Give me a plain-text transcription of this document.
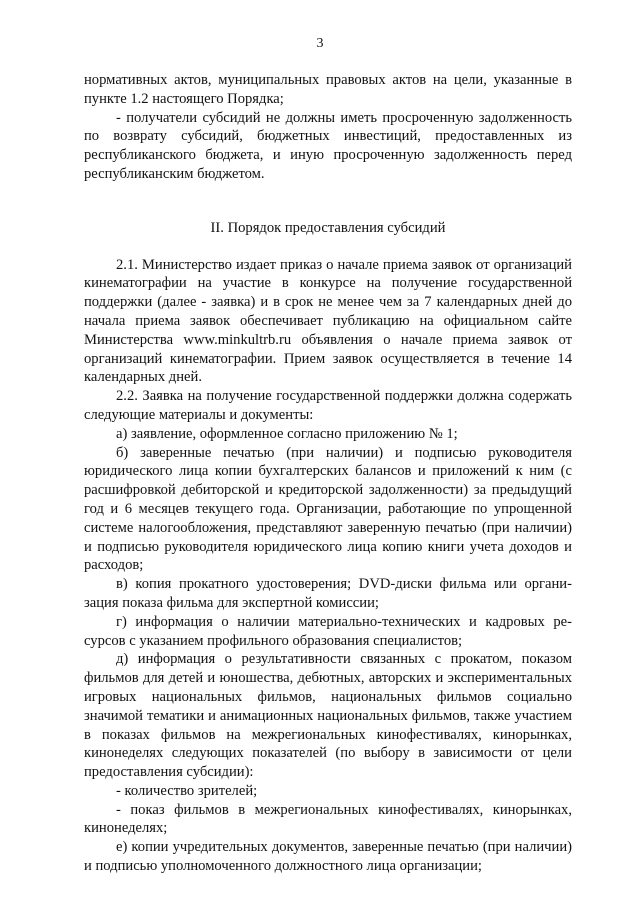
3

нормативных актов, муниципальных правовых актов на цели, указанные в пункте 1.2 настоящего Порядка;

- получатели субсидий не должны иметь просроченную задолженность по возврату субсидий, бюджетных инвестиций, предоставленных из республиканского бюджета, и иную просроченную задолженность перед республиканским бюджетом.

II. Порядок предоставления субсидий

2.1. Министерство издает приказ о начале приема заявок от организаций кинематографии на участие в конкурсе на получение государственной поддержки (далее - заявка) и в срок не менее чем за 7 календарных дней до начала приема заявок обеспечивает публикацию на официальном сайте Министерства www.minkultrb.ru объявления о начале приема заявок от организаций кинематографии. Прием заявок осуществляется в течение 14 календарных дней.

2.2. Заявка на получение государственной поддержки должна содержать следующие материалы и документы:

а) заявление, оформленное согласно приложению № 1;

б) заверенные печатью (при наличии) и подписью руководителя юридического лица копии бухгалтерских балансов и приложений к ним (с расшифровкой дебиторской и кредиторской задолженности) за предыдущий год и 6 месяцев текущего года. Организации, работающие по упрощенной системе налогообложения, представляют заверенную печатью (при наличии) и подписью руководителя юридического лица копию книги учета доходов и расходов;

в) копия прокатного удостоверения; DVD-диски фильма или организация показа фильма для экспертной комиссии;

г) информация о наличии материально-технических и кадровых ресурсов с указанием профильного образования специалистов;

д) информация о результативности связанных с прокатом, показом фильмов для детей и юношества, дебютных, авторских и экспериментальных игровых национальных фильмов, национальных фильмов социально значимой тематики и анимационных национальных фильмов, также участием в показах фильмов на межрегиональных кинофестивалях, кинорынках, кинонеделях следующих показателей (по выбору в зависимости от цели предоставления субсидии):

- количество зрителей;

- показ фильмов в межрегиональных кинофестивалях, кинорынках, кинонеделях;

е) копии учредительных документов, заверенные печатью (при наличии) и подписью уполномоченного должностного лица организации;
